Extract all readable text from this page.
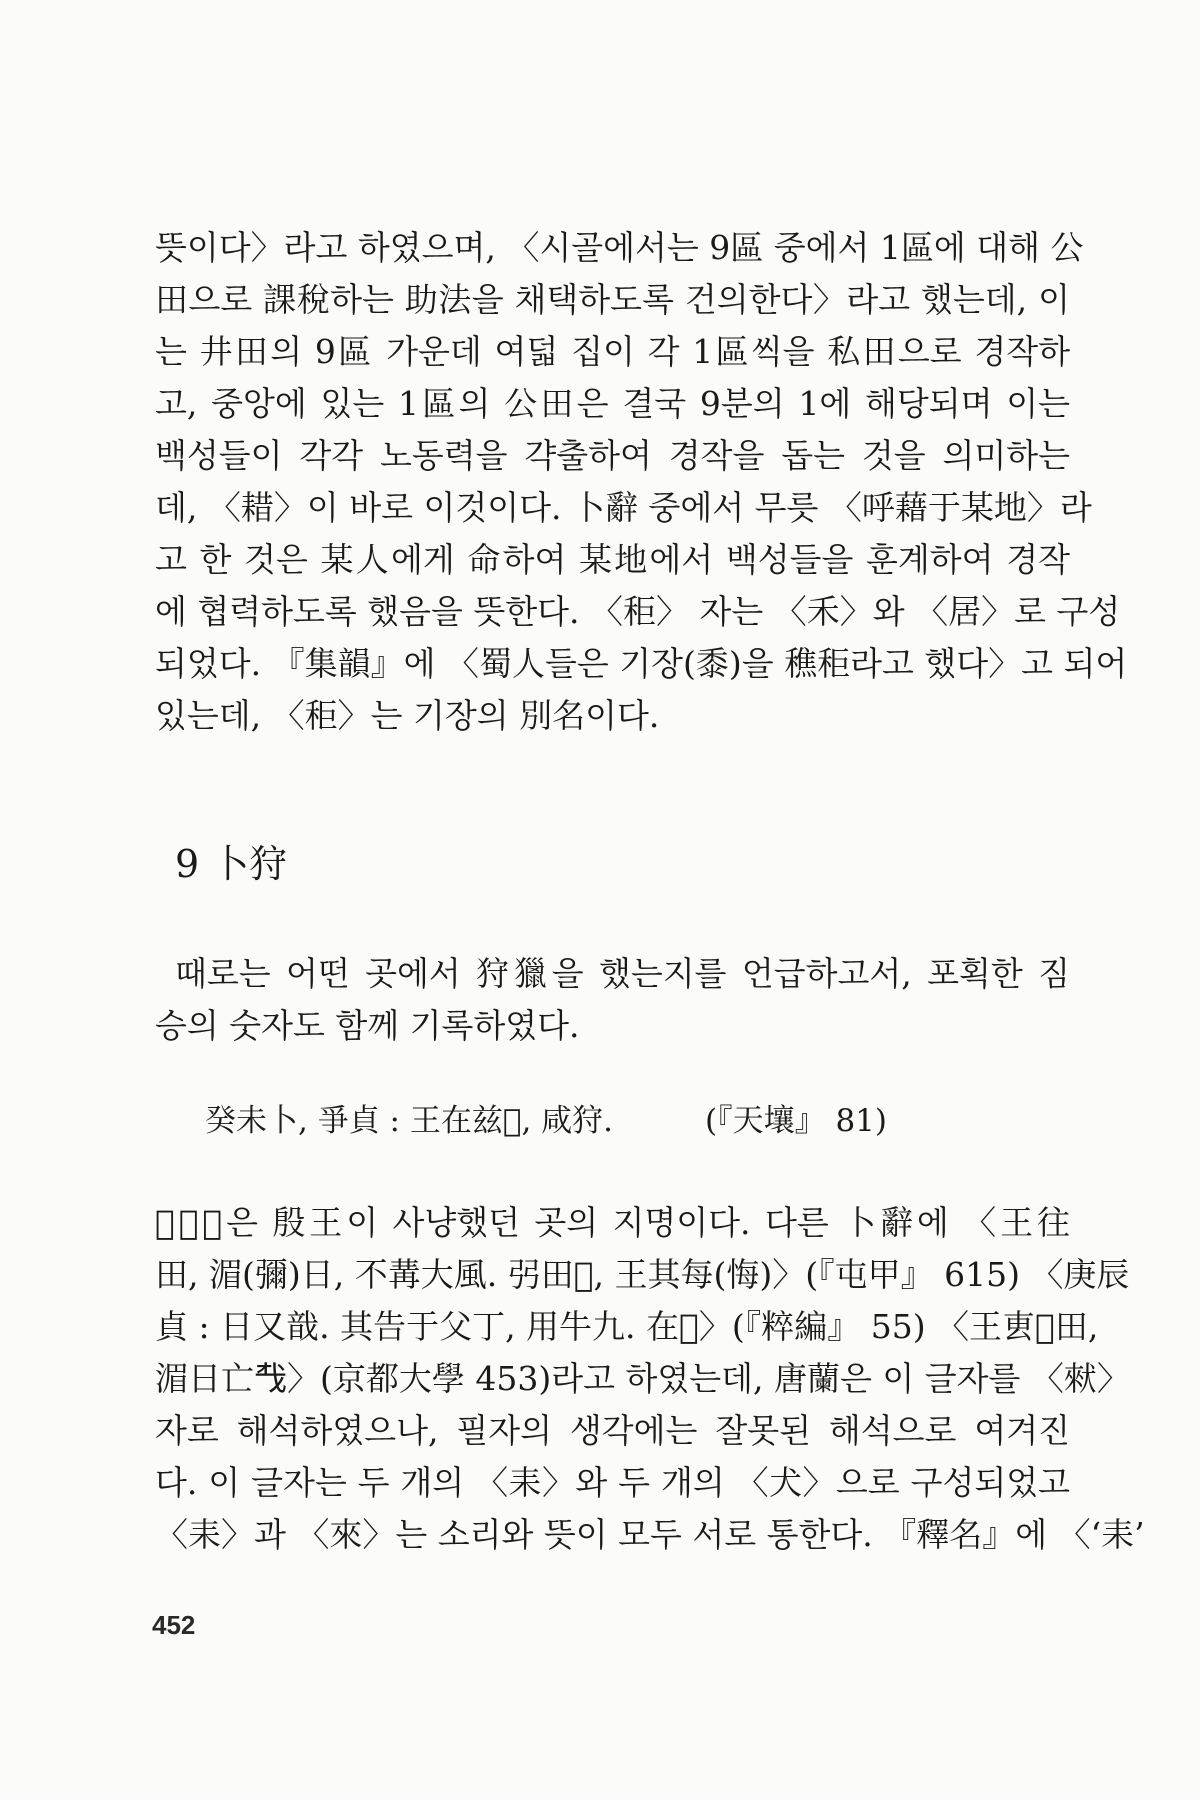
뜻이다〉라고 하였으며, 〈시골에서는 9區 중에서 1區에 대해 公
田으로 課稅하는 助法을 채택하도록 건의한다〉라고 했는데, 이
는 井田의 9區 가운데 여덟 집이 각 1區씩을 私田으로 경작하
고, 중앙에 있는 1區의 公田은 결국 9분의 1에 해당되며 이는
백성들이 각각 노동력을 갹출하여 경작을 돕는 것을 의미하는
데, 〈耤〉이 바로 이것이다. 卜辭 중에서 무릇 〈呼藉于某地〉라
고 한 것은 某人에게 命하여 某地에서 백성들을 훈계하여 경작
에 협력하도록 했음을 뜻한다. 〈秬〉 자는 〈禾〉와 〈居〉로 구성
되었다. 『集韻』에 〈蜀人들은 기장(黍)을 穛秬라고 했다〉고 되어
있는데, 〈秬〉는 기장의 別名이다.
9 卜狩
때로는 어떤 곳에서 狩獵을 했는지를 언급하고서, 포획한 짐
승의 숫자도 함께 기록하였다.
癸未卜, 爭貞 : 王在兹𪗕, 咸狩.	(『天壤』 81)
〈𪗕〉은 殷王이 사냥했던 곳의 지명이다. 다른 卜辭에 〈王往
田, 湄(彌)日, 不冓大風. 弜田𪗕, 王其每(悔)〉(『屯甲』 615) 〈庚辰
貞 : 日又戠. 其告于父丁, 用牛九. 在𪗕〉(『粹編』 55) 〈王叀𪗕田,
湄日亡𢦔〉(京都大學 453)라고 하였는데, 唐蘭은 이 글자를 〈猌〉
자로 해석하였으나, 필자의 생각에는 잘못된 해석으로 여겨진
다. 이 글자는 두 개의 〈耒〉와 두 개의 〈犬〉으로 구성되었고
〈耒〉과 〈來〉는 소리와 뜻이 모두 서로 통한다. 『釋名』에 〈‘耒’
452
